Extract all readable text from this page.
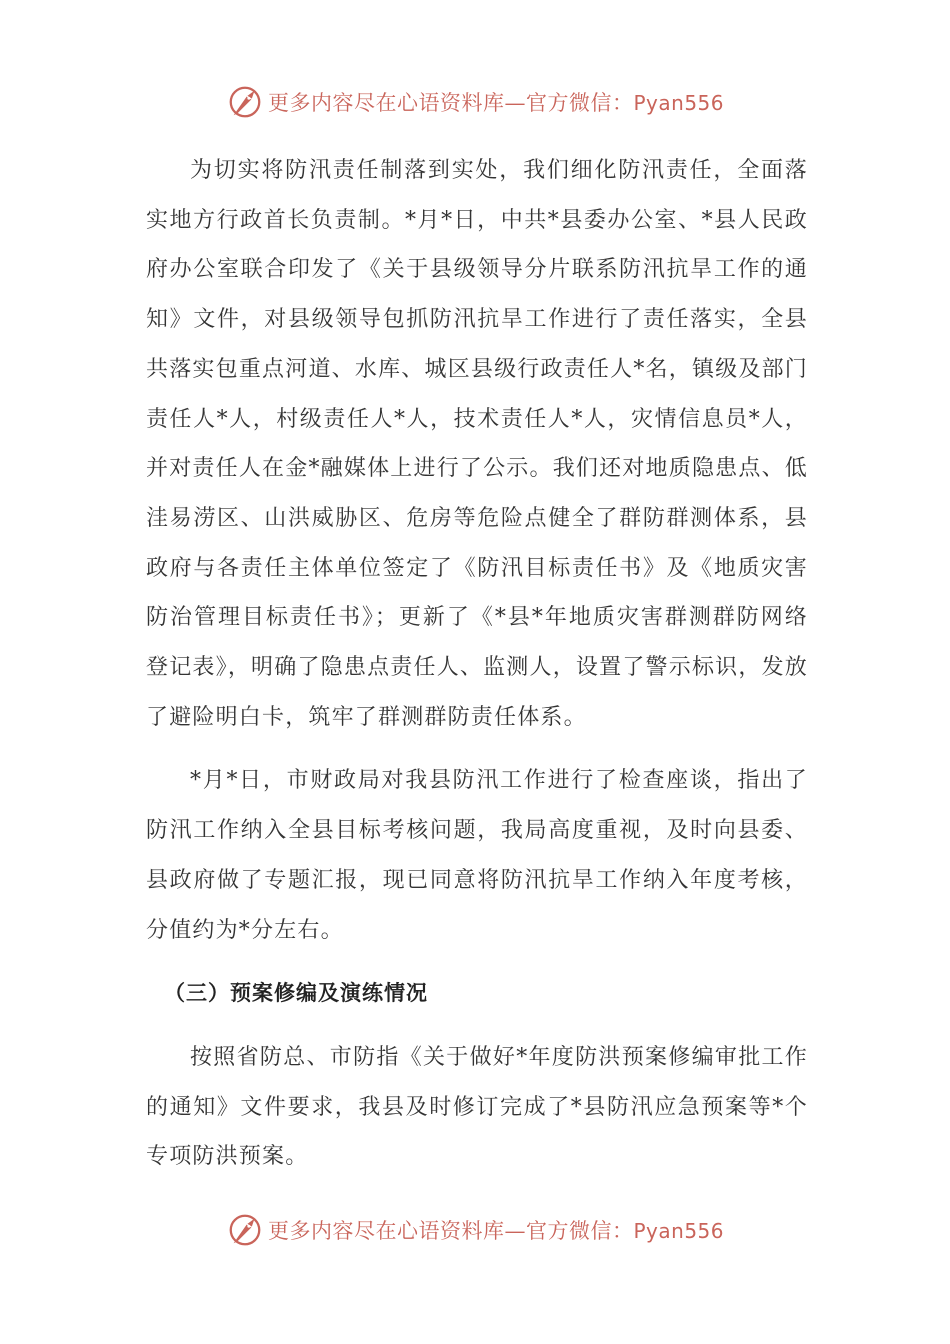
更多内容尽在心语资料库—官方微信：Pyan556

为切实将防汛责任制落到实处，我们细化防汛责任，全面落实地方行政首长负责制。*月*日，中共*县委办公室、*县人民政府办公室联合印发了《关于县级领导分片联系防汛抗旱工作的通知》文件，对县级领导包抓防汛抗旱工作进行了责任落实，全县共落实包重点河道、水库、城区县级行政责任人*名，镇级及部门责任人*人，村级责任人*人，技术责任人*人，灾情信息员*人，并对责任人在金*融媒体上进行了公示。我们还对地质隐患点、低洼易涝区、山洪威胁区、危房等危险点健全了群防群测体系，县政府与各责任主体单位签定了《防汛目标责任书》及《地质灾害防治管理目标责任书》；更新了《*县*年地质灾害群测群防网络登记表》，明确了隐患点责任人、监测人，设置了警示标识，发放了避险明白卡，筑牢了群测群防责任体系。

*月*日，市财政局对我县防汛工作进行了检查座谈，指出了防汛工作纳入全县目标考核问题，我局高度重视，及时向县委、县政府做了专题汇报，现已同意将防汛抗旱工作纳入年度考核，分值约为*分左右。

（三）预案修编及演练情况

按照省防总、市防指《关于做好*年度防洪预案修编审批工作的通知》文件要求，我县及时修订完成了*县防汛应急预案等*个专项防洪预案。

更多内容尽在心语资料库—官方微信：Pyan556
